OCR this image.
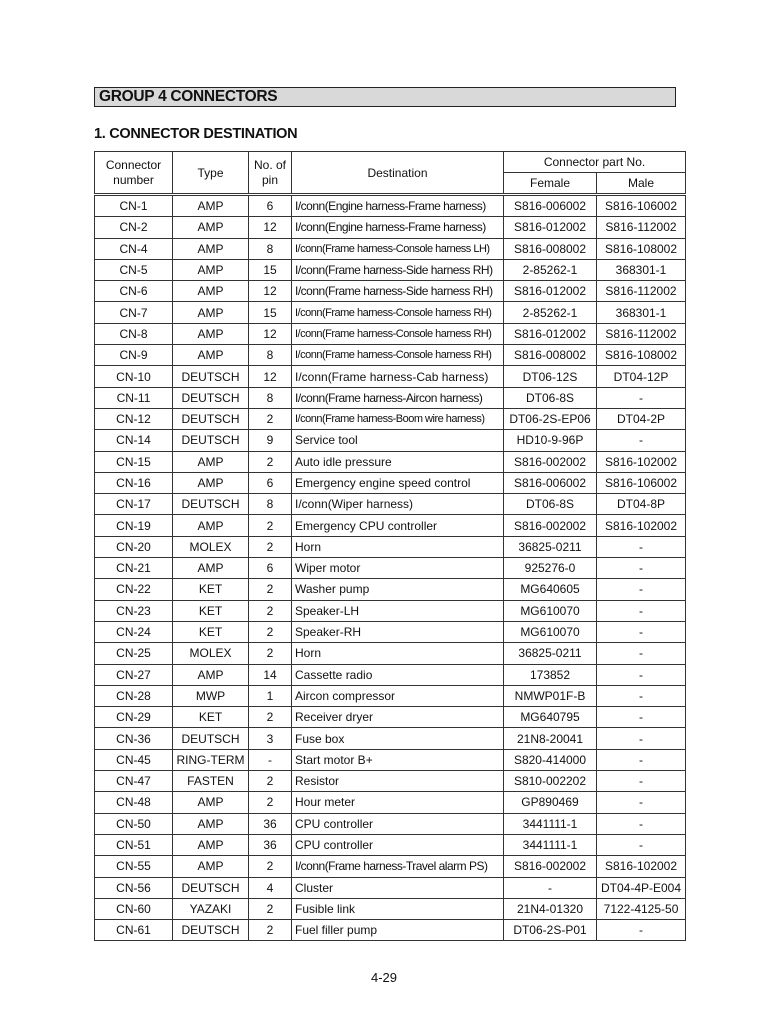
GROUP 4 CONNECTORS
1. CONNECTOR DESTINATION
Connector number	Type	No. of pin	Destination	Connector part No.	
				Female	Male
CN-1	AMP	6	I/conn(Engine harness-Frame harness)	S816-006002	S816-106002
CN-2	AMP	12	I/conn(Engine harness-Frame harness)	S816-012002	S816-112002
CN-4	AMP	8	I/conn(Frame harness-Console harness LH)	S816-008002	S816-108002
CN-5	AMP	15	I/conn(Frame harness-Side harness RH)	2-85262-1	368301-1
CN-6	AMP	12	I/conn(Frame harness-Side harness RH)	S816-012002	S816-112002
CN-7	AMP	15	I/conn(Frame harness-Console harness RH)	2-85262-1	368301-1
CN-8	AMP	12	I/conn(Frame harness-Console harness RH)	S816-012002	S816-112002
CN-9	AMP	8	I/conn(Frame harness-Console harness RH)	S816-008002	S816-108002
CN-10	DEUTSCH	12	I/conn(Frame harness-Cab harness)	DT06-12S	DT04-12P
CN-11	DEUTSCH	8	I/conn(Frame harness-Aircon harness)	DT06-8S	-
CN-12	DEUTSCH	2	I/conn(Frame harness-Boom wire harness)	DT06-2S-EP06	DT04-2P
CN-14	DEUTSCH	9	Service tool	HD10-9-96P	-
CN-15	AMP	2	Auto idle pressure	S816-002002	S816-102002
CN-16	AMP	6	Emergency engine speed control	S816-006002	S816-106002
CN-17	DEUTSCH	8	I/conn(Wiper harness)	DT06-8S	DT04-8P
CN-19	AMP	2	Emergency CPU controller	S816-002002	S816-102002
CN-20	MOLEX	2	Horn	36825-0211	-
CN-21	AMP	6	Wiper motor	925276-0	-
CN-22	KET	2	Washer pump	MG640605	-
CN-23	KET	2	Speaker-LH	MG610070	-
CN-24	KET	2	Speaker-RH	MG610070	-
CN-25	MOLEX	2	Horn	36825-0211	-
CN-27	AMP	14	Cassette radio	173852	-
CN-28	MWP	1	Aircon compressor	NMWP01F-B	-
CN-29	KET	2	Receiver dryer	MG640795	-
CN-36	DEUTSCH	3	Fuse box	21N8-20041	-
CN-45	RING-TERM	-	Start motor B+	S820-414000	-
CN-47	FASTEN	2	Resistor	S810-002202	-
CN-48	AMP	2	Hour meter	GP890469	-
CN-50	AMP	36	CPU controller	3441111-1	-
CN-51	AMP	36	CPU controller	3441111-1	-
CN-55	AMP	2	I/conn(Frame harness-Travel alarm PS)	S816-002002	S816-102002
CN-56	DEUTSCH	4	Cluster	-	DT04-4P-E004
CN-60	YAZAKI	2	Fusible link	21N4-01320	7122-4125-50
CN-61	DEUTSCH	2	Fuel filler pump	DT06-2S-P01	-
4-29
